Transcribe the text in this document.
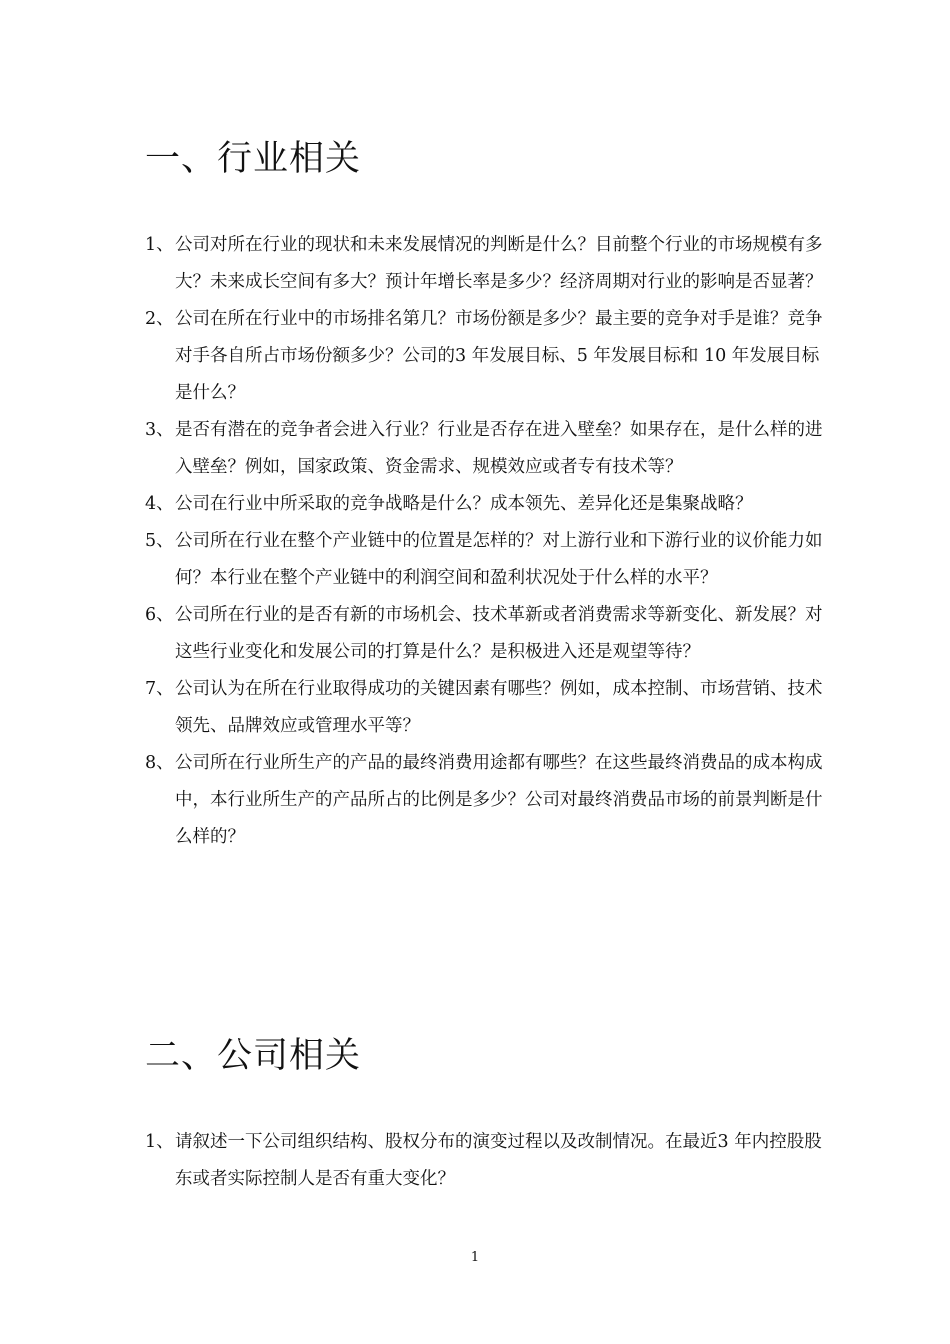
一、行业相关
1、 公司对所在行业的现状和未来发展情况的判断是什么？目前整个行业的市场规模有多大？未来成长空间有多大？预计年增长率是多少？经济周期对行业的影响是否显著？
2、 公司在所在行业中的市场排名第几？市场份额是多少？最主要的竞争对手是谁？竞争对手各自所占市场份额多少？公司的3 年发展目标、5 年发展目标和 10 年发展目标是什么？
3、 是否有潜在的竞争者会进入行业？行业是否存在进入壁垒？如果存在，是什么样的进入壁垒？例如，国家政策、资金需求、规模效应或者专有技术等？
4、 公司在行业中所采取的竞争战略是什么？成本领先、差异化还是集聚战略？
5、 公司所在行业在整个产业链中的位置是怎样的？对上游行业和下游行业的议价能力如何？本行业在整个产业链中的利润空间和盈利状况处于什么样的水平？
6、 公司所在行业的是否有新的市场机会、技术革新或者消费需求等新变化、新发展？对这些行业变化和发展公司的打算是什么？是积极进入还是观望等待？
7、 公司认为在所在行业取得成功的关键因素有哪些？例如，成本控制、市场营销、技术领先、品牌效应或管理水平等？
8、 公司所在行业所生产的产品的最终消费用途都有哪些？在这些最终消费品的成本构成中，本行业所生产的产品所占的比例是多少？公司对最终消费品市场的前景判断是什么样的？
二、公司相关
1、 请叙述一下公司组织结构、股权分布的演变过程以及改制情况。在最近3 年内控股股东或者实际控制人是否有重大变化？
1
